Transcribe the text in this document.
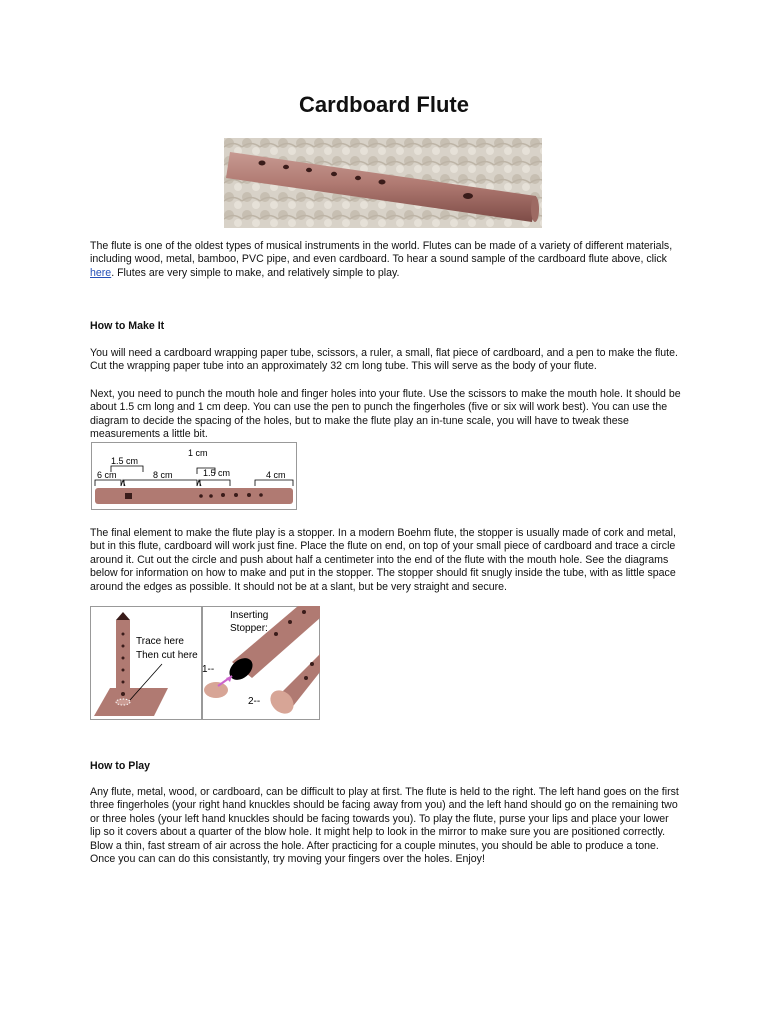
Cardboard Flute

The flute is one of the oldest types of musical instruments in the world. Flutes can be made of a variety of different materials, including wood, metal, bamboo, PVC pipe, and even cardboard. To hear a sound sample of the cardboard flute above, click here. Flutes are very simple to make, and relatively simple to play.

How to Make It

You will need a cardboard wrapping paper tube, scissors, a ruler, a small, flat piece of cardboard, and a pen to make the flute. Cut the wrapping paper tube into an approximately 32 cm long tube. This will serve as the body of your flute.

Next, you need to punch the mouth hole and finger holes into your flute. Use the scissors to make the mouth hole. It should be about 1.5 cm long and 1 cm deep. You can use the pen to punch the fingerholes (five or six will work best). You can use the diagram to decide the spacing of the holes, but to make the flute play an in-tune scale, you will have to tweak these measurements a little bit.

1.5 cm
6 cm	8 cm
1 cm
1.5 cm	4 cm

The final element to make the flute play is a stopper. In a modern Boehm flute, the stopper is usually made of cork and metal, but in this flute, cardboard will work just fine. Place the flute on end, on top of your small piece of cardboard and trace a circle around it. Cut out the circle and push about half a centimeter into the end of the flute with the mouth hole. See the diagrams below for information on how to make and put in the stopper. The stopper should fit snugly inside the tube, with as little space around the edges as possible. It should not be at a slant, but be very straight and secure.

Trace here
Then cut here
Inserting
Stopper:
1--
2--
How to Play

Any flute, metal, wood, or cardboard, can be difficult to play at first. The flute is held to the right. The left hand goes on the first three fingerholes (your right hand knuckles should be facing away from you) and the left hand should go on the remaining two or three holes (your left hand knuckles should be facing towards you). To play the flute, purse your lips and place your lower lip so it covers about a quarter of the blow hole. It might help to look in the mirror to make sure you are positioned correctly. Blow a thin, fast stream of air across the hole. After practicing for a couple minutes, you should be able to produce a tone. Once you can can do this consistantly, try moving your fingers over the holes. Enjoy!
